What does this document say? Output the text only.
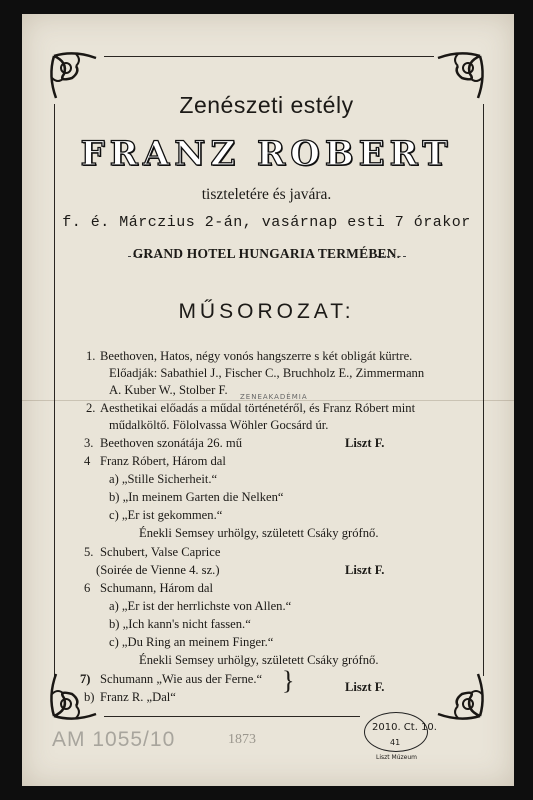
Zenészeti estély
FRANZ ROBERT
tiszteletére és javára.
f. é. Márczius 2-án, vasárnap esti 7 órakor
GRAND HOTEL HUNGARIA TERMÉBEN.
MŰSOROZAT:
1. Beethoven, Hatos, négy vonós hangszerre s két obligát kürtre.
Előadják: Sabathiel J., Fischer C., Bruchholz E., Zimmermann
A. Kuber W., Stolber F. ZENEAKADÉMIA
2. Aesthetikai előadás a műdal történetéről, és Franz Róbert mint
műdalköltő. Fölolvassa Wöhler Gocsárd úr.
3. Beethoven szonátája 26. mű	Liszt F.
4 Franz Róbert, Három dal
a) „Stille Sicherheit.“
b) „In meinem Garten die Nelken“
c) „Er ist gekommen.“
Énekli Semsey urhölgy, született Csáky grófnő.
5. Schubert, Valse Caprice
(Soirée de Vienne 4. sz.)	Liszt F.
6 Schumann, Három dal
a) „Er ist der herrlichste von Allen.“
b) „Ich kann's nicht fassen.“
c) „Du Ring an meinem Finger.“
Énekli Semsey urhölgy, született Csáky grófnő.
7) Schumann „Wie aus der Ferne.“
b) Franz R. „Dal“
}	Liszt F.
AM 1055/10	1873
2010. Ct. 10.
41
Liszt Múzeum
